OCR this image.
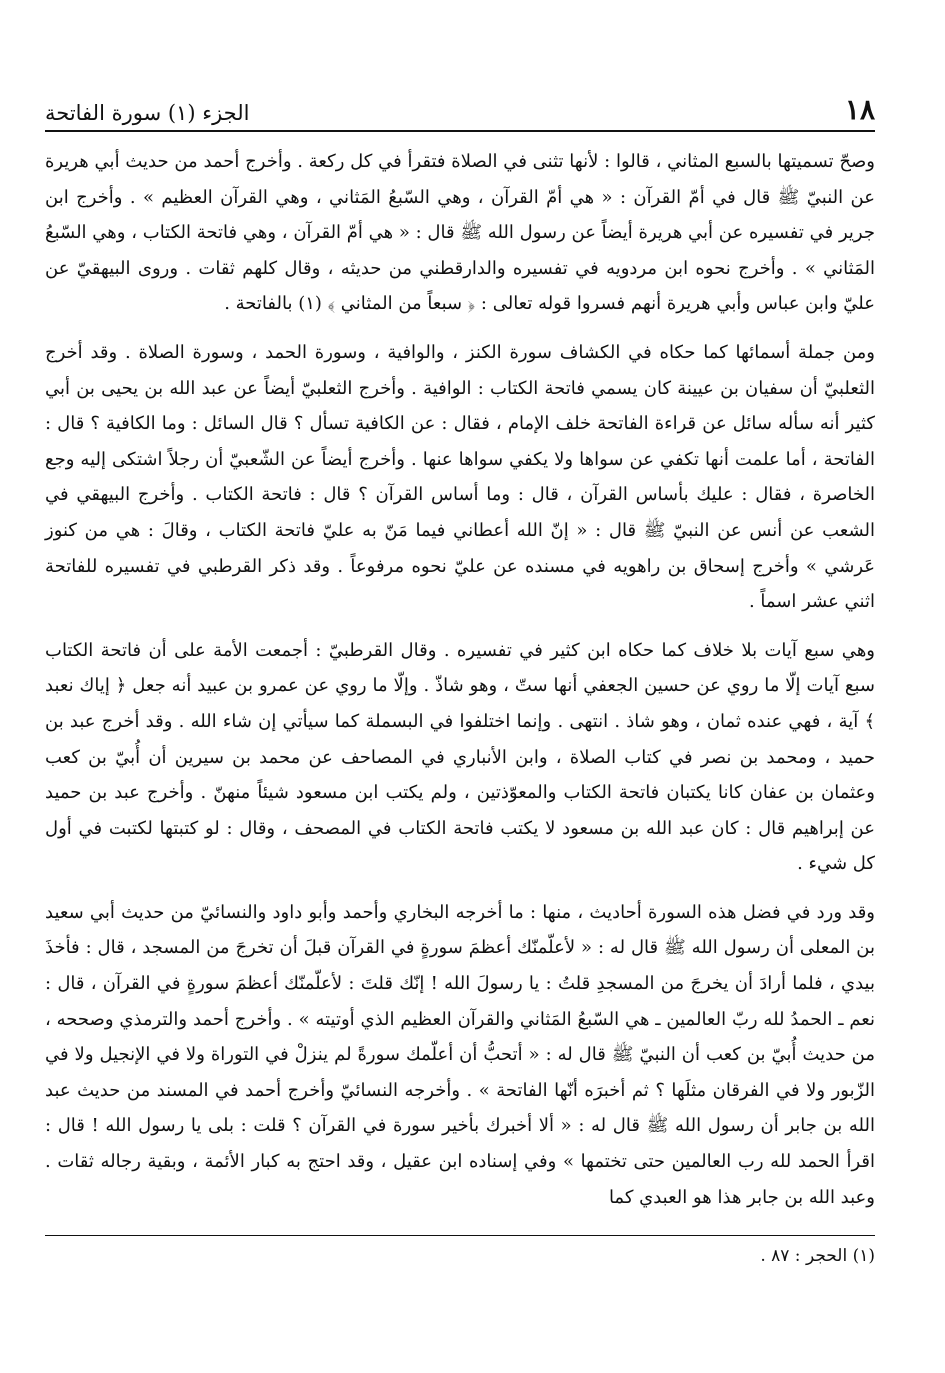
١٨
الجزء (١) سورة الفاتحة

وصحّ تسميتها بالسبع المثاني ، قالوا : لأنها تثنى في الصلاة فتقرأ في كل ركعة . وأخرج أحمد من حديث أبي هريرة عن النبيّ ﷺ قال في أمّ القرآن : « هي أمّ القرآن ، وهي السّبعُ المَثاني ، وهي القرآن العظيم » . وأخرج ابن جرير في تفسيره عن أبي هريرة أيضاً عن رسول الله ﷺ قال : « هي أمّ القرآن ، وهي فاتحة الكتاب ، وهي السّبعُ المَثاني » . وأخرج نحوه ابن مردويه في تفسيره والدارقطني من حديثه ، وقال كلهم ثقات . وروى البيهقيّ عن عليّ وابن عباس وأبي هريرة أنهم فسروا قوله تعالى : ﴿ سبعاً من المثاني ﴾ (١) بالفاتحة .

ومن جملة أسمائها كما حكاه في الكشاف سورة الكنز ، والوافية ، وسورة الحمد ، وسورة الصلاة . وقد أخرج الثعلبيّ أن سفيان بن عيينة كان يسمي فاتحة الكتاب : الوافية . وأخرج الثعلبيّ أيضاً عن عبد الله بن يحيى بن أبي كثير أنه سأله سائل عن قراءة الفاتحة خلف الإمام ، فقال : عن الكافية تسأل ؟ قال السائل : وما الكافية ؟ قال : الفاتحة ، أما علمت أنها تكفي عن سواها ولا يكفي سواها عنها . وأخرج أيضاً عن الشّعبيّ أن رجلاً اشتكى إليه وجع الخاصرة ، فقال : عليك بأساس القرآن ، قال : وما أساس القرآن ؟ قال : فاتحة الكتاب . وأخرج البيهقي في الشعب عن أنس عن النبيّ ﷺ قال : « إنّ الله أعطاني فيما مَنّ به عليّ فاتحة الكتاب ، وقالَ : هي من كنوز عَرشي » وأخرج إسحاق بن راهويه في مسنده عن عليّ نحوه مرفوعاً . وقد ذكر القرطبي في تفسيره للفاتحة اثني عشر اسماً .

وهي سبع آيات بلا خلاف كما حكاه ابن كثير في تفسيره . وقال القرطبيّ : أجمعت الأمة على أن فاتحة الكتاب سبع آيات إلّا ما روي عن حسين الجعفي أنها ستّ ، وهو شاذّ . وإلّا ما روي عن عمرو بن عبيد أنه جعل ﴿ إياك نعبد ﴾ آية ، فهي عنده ثمان ، وهو شاذ . انتهى . وإنما اختلفوا في البسملة كما سيأتي إن شاء الله . وقد أخرج عبد بن حميد ، ومحمد بن نصر في كتاب الصلاة ، وابن الأنباري في المصاحف عن محمد بن سيرين أن أُبيّ بن كعب وعثمان بن عفان كانا يكتبان فاتحة الكتاب والمعوّذتين ، ولم يكتب ابن مسعود شيئاً منهنّ . وأخرج عبد بن حميد عن إبراهيم قال : كان عبد الله بن مسعود لا يكتب فاتحة الكتاب في المصحف ، وقال : لو كتبتها لكتبت في أول كل شيء .

وقد ورد في فضل هذه السورة أحاديث ، منها : ما أخرجه البخاري وأحمد وأبو داود والنسائيّ من حديث أبي سعيد بن المعلى أن رسول الله ﷺ قال له : « لأعلّمنّك أعظمَ سورةٍ في القرآن قبلَ أن تخرجَ من المسجد ، قال : فأخذَ بيدي ، فلما أرادَ أن يخرجَ من المسجدِ قلتُ : يا رسولَ الله ! إنّك قلتَ : لأعلّمنّك أعظمَ سورةٍ في القرآن ، قال : نعم ـ الحمدُ لله ربّ العالمين ـ هي السّبعُ المَثاني والقرآن العظيم الذي أوتيته » . وأخرج أحمد والترمذي وصححه ، من حديث أُبيّ بن كعب أن النبيّ ﷺ قال له : « أتحبُّ أن أعلّمك سورةً لم ينزلْ في التوراة ولا في الإنجيل ولا في الزّبور ولا في الفرقان مثلَها ؟ ثم أخبرَه أنّها الفاتحة » . وأخرجه النسائيّ وأخرج أحمد في المسند من حديث عبد الله بن جابر أن رسول الله ﷺ قال له : « ألا أخبرك بأخير سورة في القرآن ؟ قلت : بلى يا رسول الله ! قال : اقرأ الحمد لله رب العالمين حتى تختمها » وفي إسناده ابن عقيل ، وقد احتج به كبار الأئمة ، وبقية رجاله ثقات . وعبد الله بن جابر هذا هو العبدي كما

(١) الحجر : ٨٧ .
